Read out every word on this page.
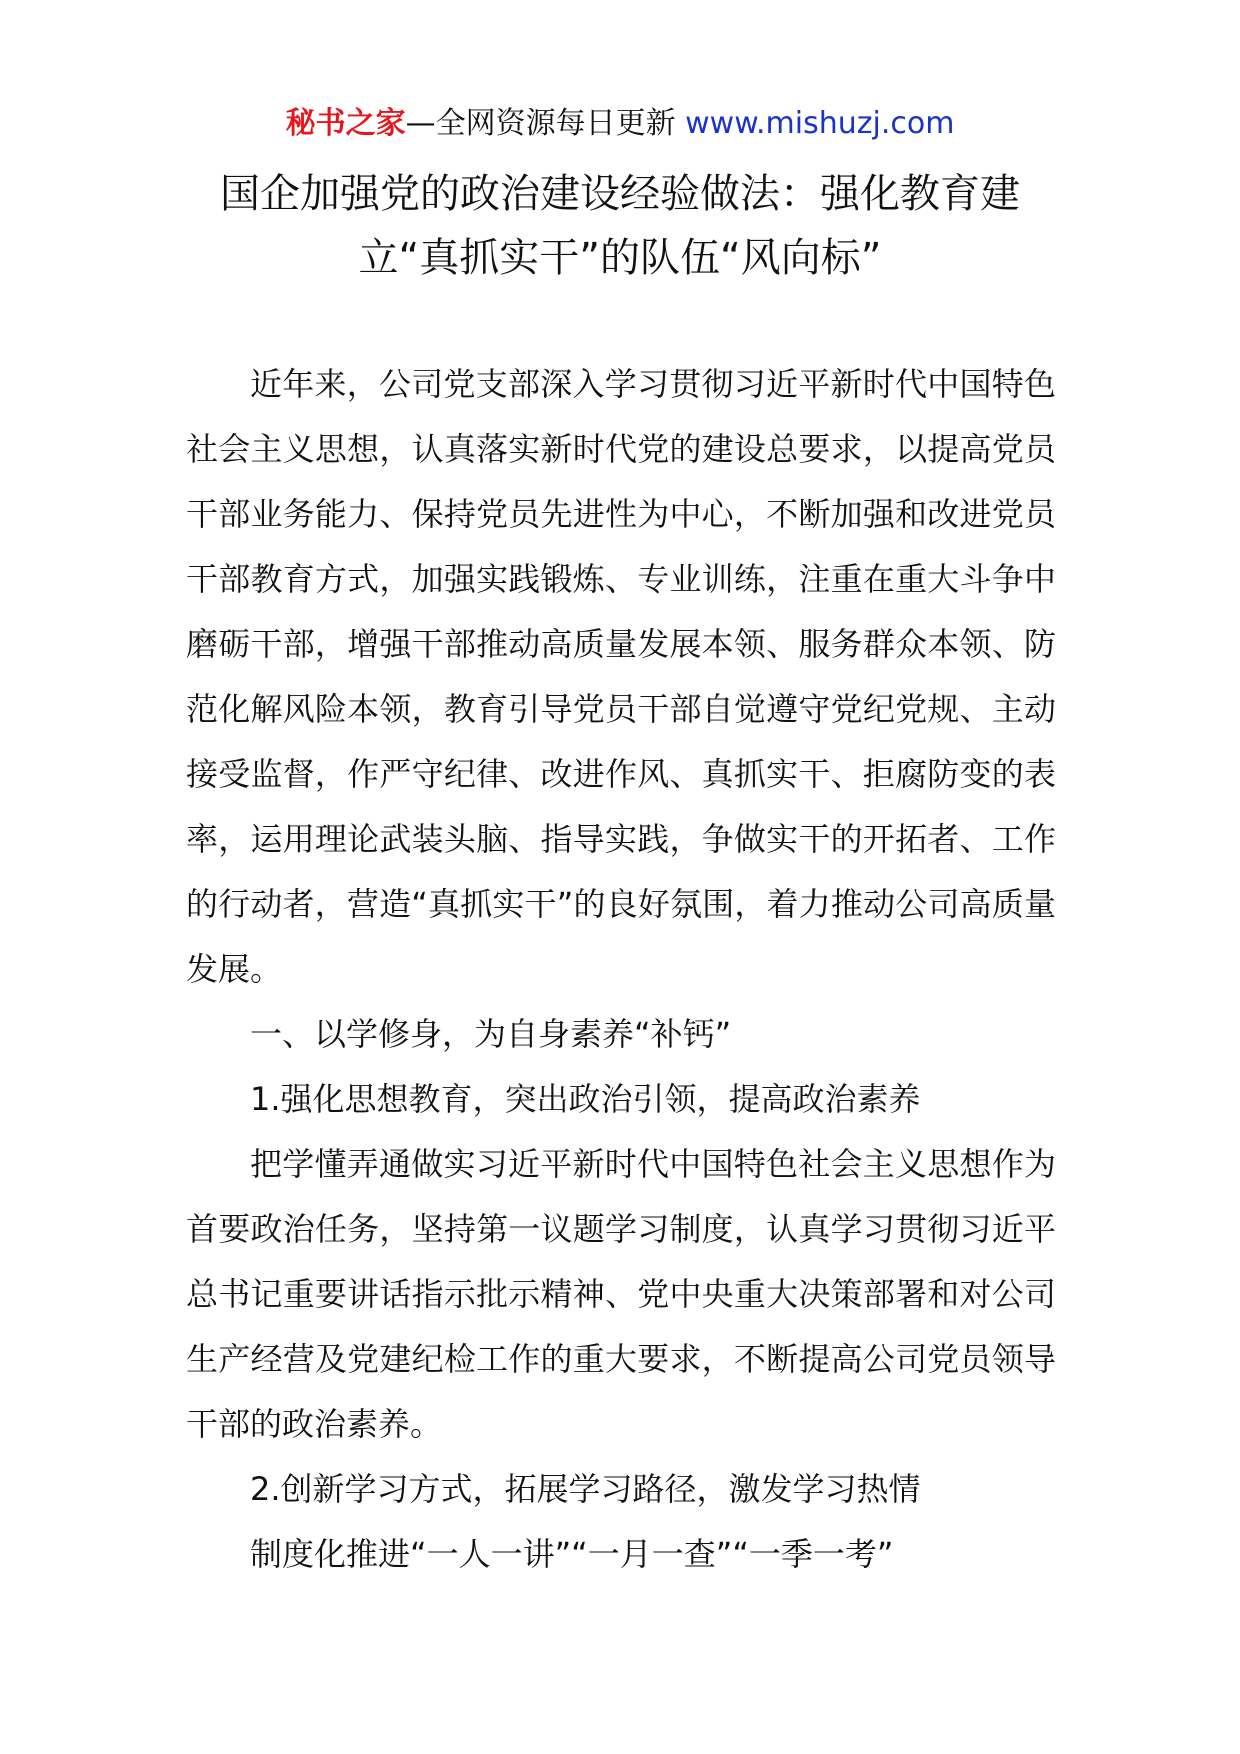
秘书之家—全网资源每日更新 www.mishuzj.com
国企加强党的政治建设经验做法：强化教育建
立“真抓实干”的队伍“风向标”

近年来，公司党支部深入学习贯彻习近平新时代中国特色社会主义思想，认真落实新时代党的建设总要求，以提高党员干部业务能力、保持党员先进性为中心，不断加强和改进党员干部教育方式，加强实践锻炼、专业训练，注重在重大斗争中磨砺干部，增强干部推动高质量发展本领、服务群众本领、防范化解风险本领，教育引导党员干部自觉遵守党纪党规、主动接受监督，作严守纪律、改进作风、真抓实干、拒腐防变的表率，运用理论武装头脑、指导实践，争做实干的开拓者、工作的行动者，营造“真抓实干”的良好氛围，着力推动公司高质量发展。

一、以学修身，为自身素养“补钙”

1.强化思想教育，突出政治引领，提高政治素养

把学懂弄通做实习近平新时代中国特色社会主义思想作为首要政治任务，坚持第一议题学习制度，认真学习贯彻习近平总书记重要讲话指示批示精神、党中央重大决策部署和对公司生产经营及党建纪检工作的重大要求，不断提高公司党员领导干部的政治素养。

2.创新学习方式，拓展学习路径，激发学习热情

制度化推进“一人一讲”“一月一查”“一季一考”
